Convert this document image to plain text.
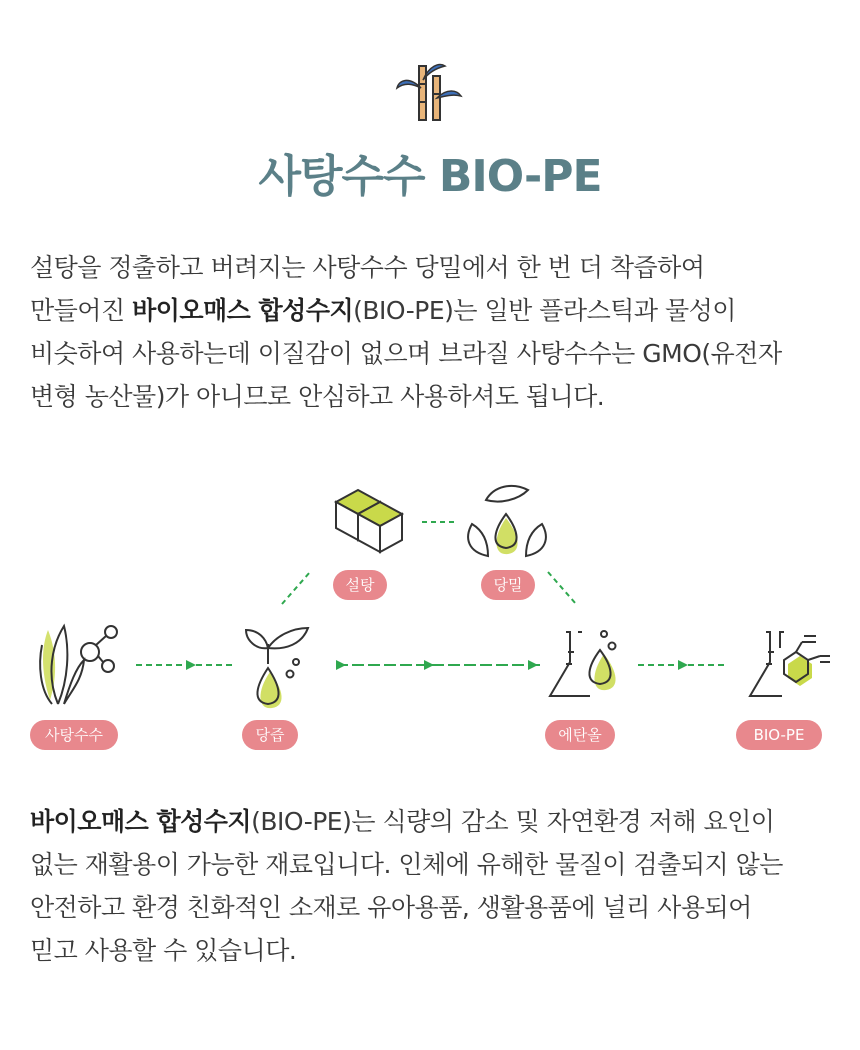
사탕수수 BIO-PE
설탕을 정출하고 버려지는 사탕수수 당밀에서 한 번 더 착즙하여
만들어진 바이오매스 합성수지(BIO-PE)는 일반 플라스틱과 물성이
비슷하여 사용하는데 이질감이 없으며 브라질 사탕수수는 GMO(유전자
변형 농산물)가 아니므로 안심하고 사용하셔도 됩니다.
사탕수수	당즙
설탕	당밀
에탄올	BIO-PE
바이오매스 합성수지(BIO-PE)는 식량의 감소 및 자연환경 저해 요인이
없는 재활용이 가능한 재료입니다. 인체에 유해한 물질이 검출되지 않는
안전하고 환경 친화적인 소재로 유아용품, 생활용품에 널리 사용되어
믿고 사용할 수 있습니다.
